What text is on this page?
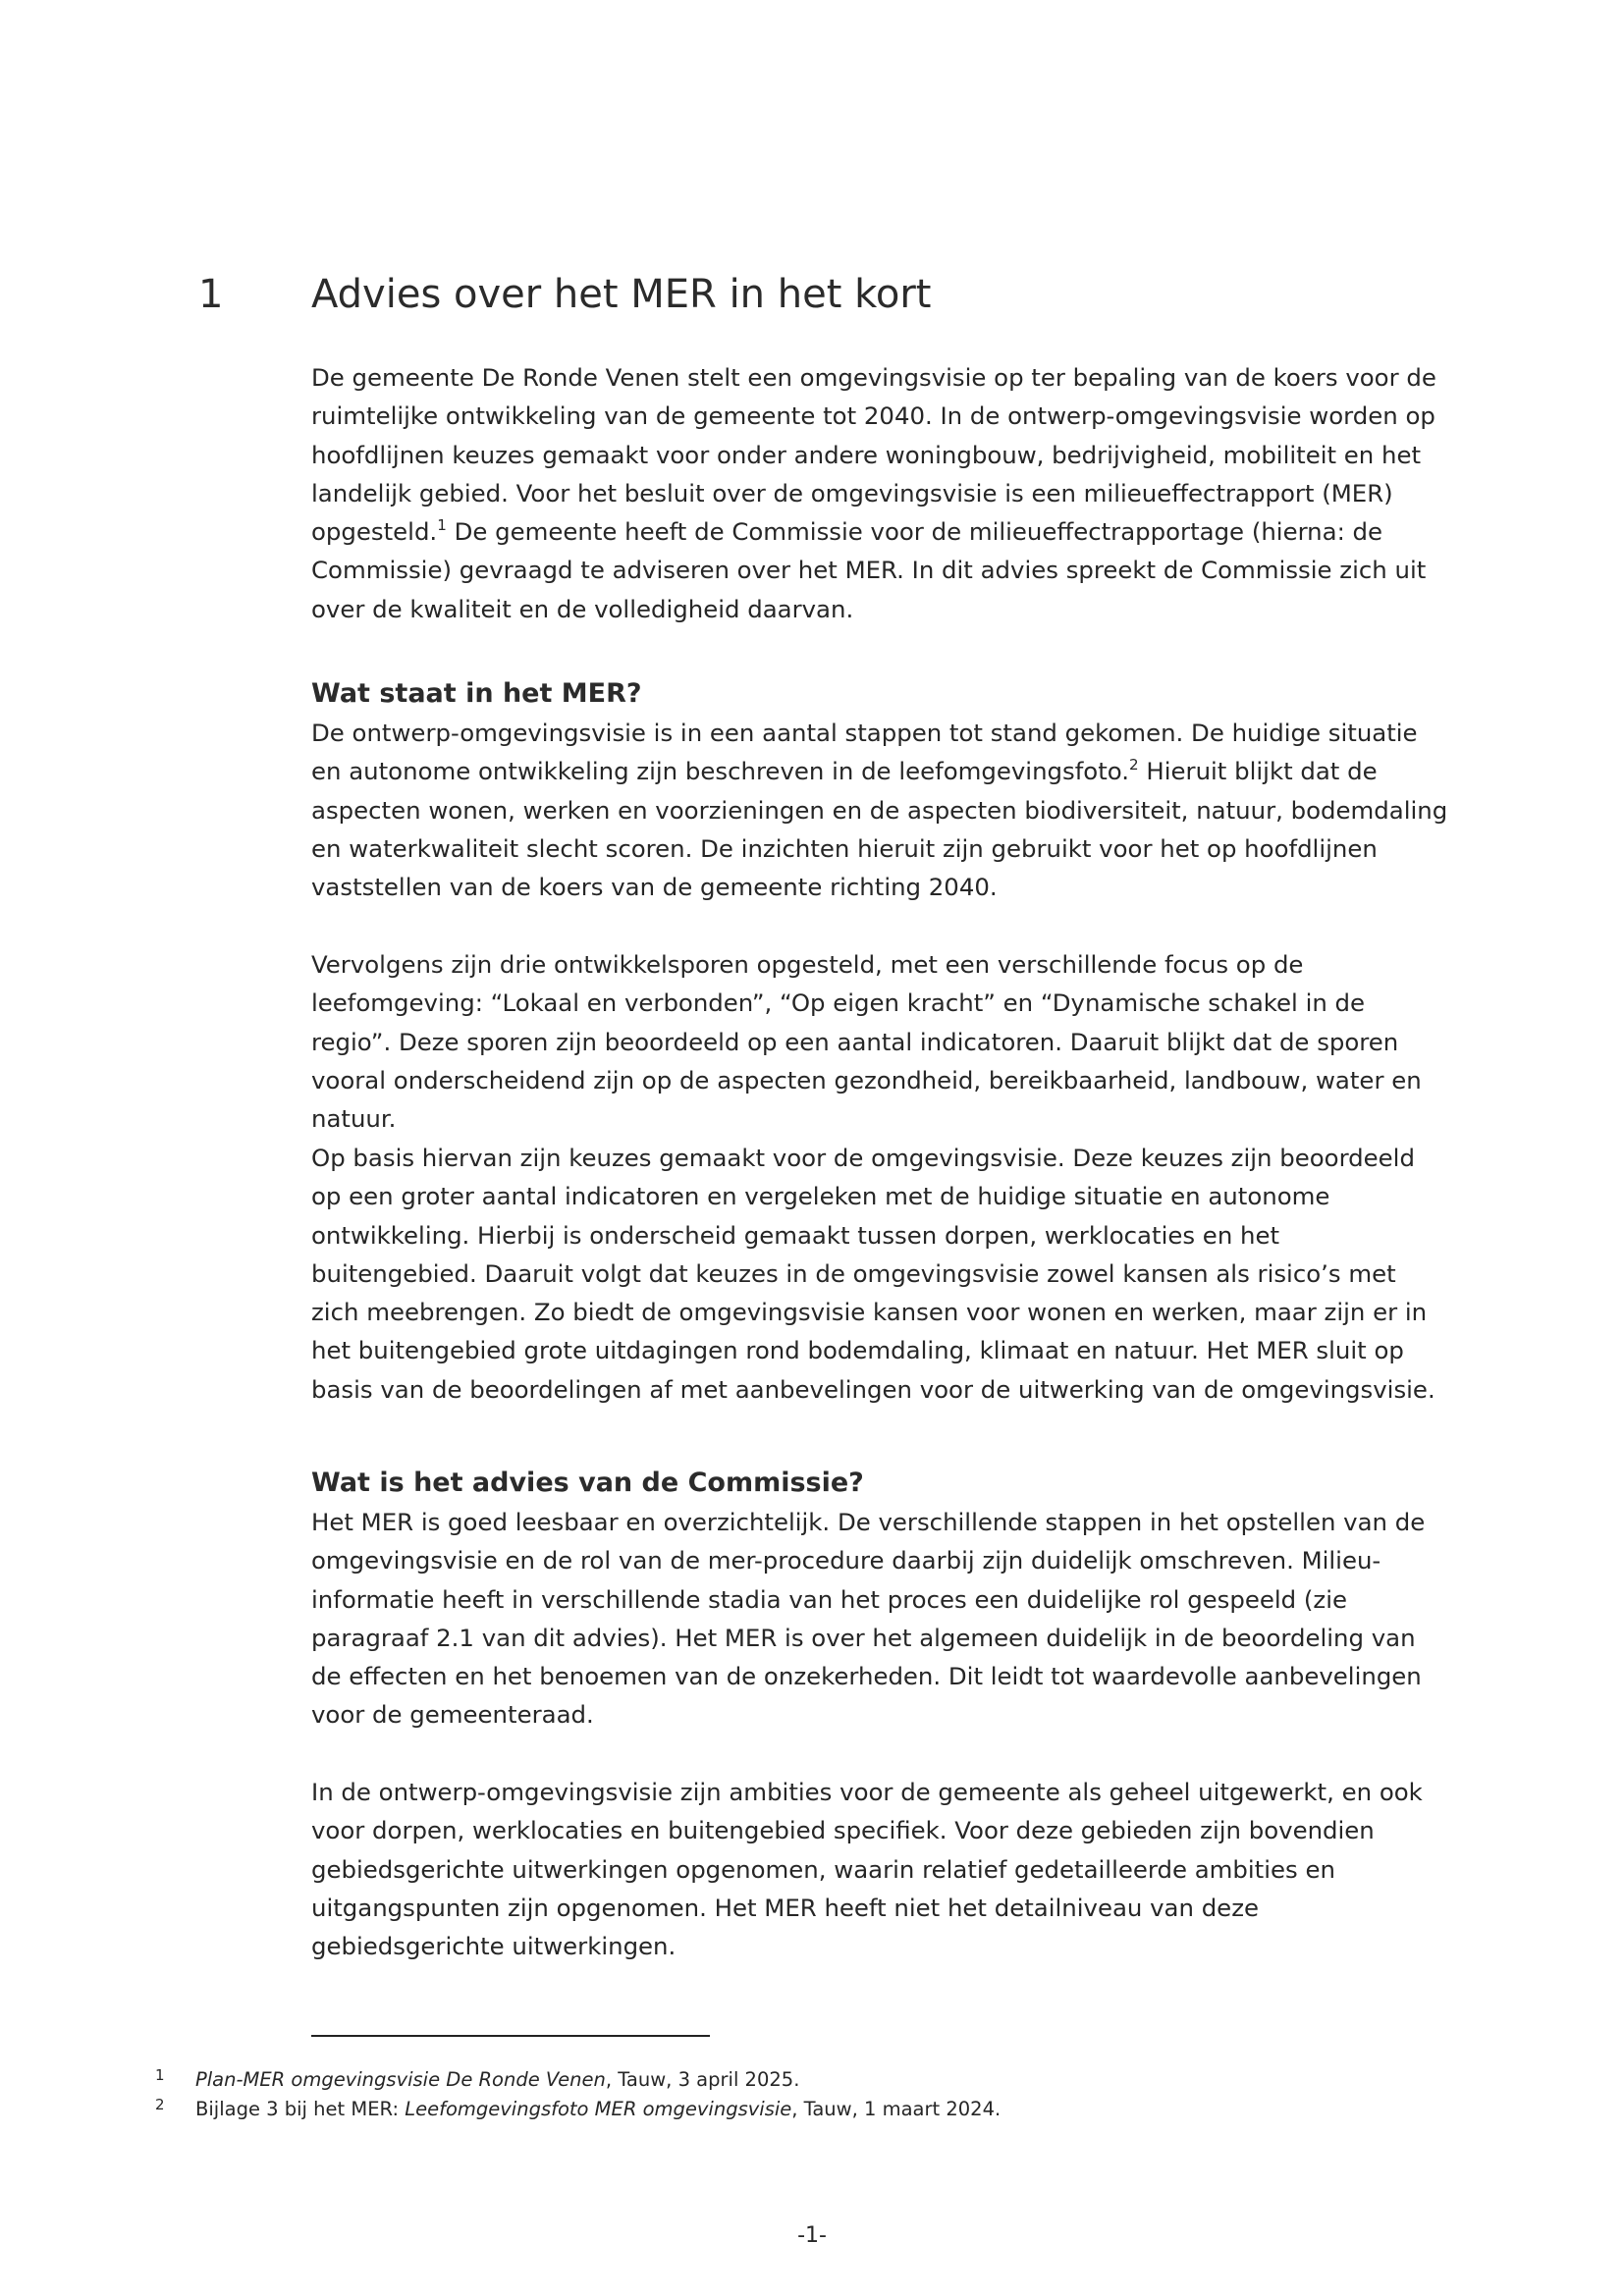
1 Advies over het MER in het kort

De gemeente De Ronde Venen stelt een omgevingsvisie op ter bepaling van de koers voor de ruimtelijke ontwikkeling van de gemeente tot 2040. In de ontwerp-omgevingsvisie worden op hoofdlijnen keuzes gemaakt voor onder andere woningbouw, bedrijvigheid, mobiliteit en het landelijk gebied. Voor het besluit over de omgevingsvisie is een milieueffectrapport (MER) opgesteld.$^1$ De gemeente heeft de Commissie voor de milieueffectrapportage (hierna: de Commissie) gevraagd te adviseren over het MER. In dit advies spreekt de Commissie zich uit over de kwaliteit en de volledigheid daarvan.

Wat staat in het MER?

De ontwerp-omgevingsvisie is in een aantal stappen tot stand gekomen. De huidige situatie en autonome ontwikkeling zijn beschreven in de leefomgevingsfoto.$^2$ Hieruit blijkt dat de aspecten wonen, werken en voorzieningen en de aspecten biodiversiteit, natuur, bodemdaling en waterkwaliteit slecht scoren. De inzichten hieruit zijn gebruikt voor het op hoofdlijnen vaststellen van de koers van de gemeente richting 2040.

Vervolgens zijn drie ontwikkelsporen opgesteld, met een verschillende focus op de leefomgeving: “Lokaal en verbonden”, “Op eigen kracht” en “Dynamische schakel in de regio”. Deze sporen zijn beoordeeld op een aantal indicatoren. Daaruit blijkt dat de sporen vooral onderscheidend zijn op de aspecten gezondheid, bereikbaarheid, landbouw, water en natuur.

Op basis hiervan zijn keuzes gemaakt voor de omgevingsvisie. Deze keuzes zijn beoordeeld op een groter aantal indicatoren en vergeleken met de huidige situatie en autonome ontwikkeling. Hierbij is onderscheid gemaakt tussen dorpen, werklocaties en het buitengebied. Daaruit volgt dat keuzes in de omgevingsvisie zowel kansen als risico’s met zich meebrengen. Zo biedt de omgevingsvisie kansen voor wonen en werken, maar zijn er in het buitengebied grote uitdagingen rond bodemdaling, klimaat en natuur. Het MER sluit op basis van de beoordelingen af met aanbevelingen voor de uitwerking van de omgevingsvisie.

Wat is het advies van de Commissie?

Het MER is goed leesbaar en overzichtelijk. De verschillende stappen in het opstellen van de omgevingsvisie en de rol van de mer-procedure daarbij zijn duidelijk omschreven. Milieu-informatie heeft in verschillende stadia van het proces een duidelijke rol gespeeld (zie paragraaf 2.1 van dit advies). Het MER is over het algemeen duidelijk in de beoordeling van de effecten en het benoemen van de onzekerheden. Dit leidt tot waardevolle aanbevelingen voor de gemeenteraad.

In de ontwerp-omgevingsvisie zijn ambities voor de gemeente als geheel uitgewerkt, en ook voor dorpen, werklocaties en buitengebied specifiek. Voor deze gebieden zijn bovendien gebiedsgerichte uitwerkingen opgenomen, waarin relatief gedetailleerde ambities en uitgangspunten zijn opgenomen. Het MER heeft niet het detailniveau van deze gebiedsgerichte uitwerkingen.

1 Plan-MER omgevingsvisie De Ronde Venen, Tauw, 3 april 2025.
2 Bijlage 3 bij het MER: Leefomgevingsfoto MER omgevingsvisie, Tauw, 1 maart 2024.
-1-
